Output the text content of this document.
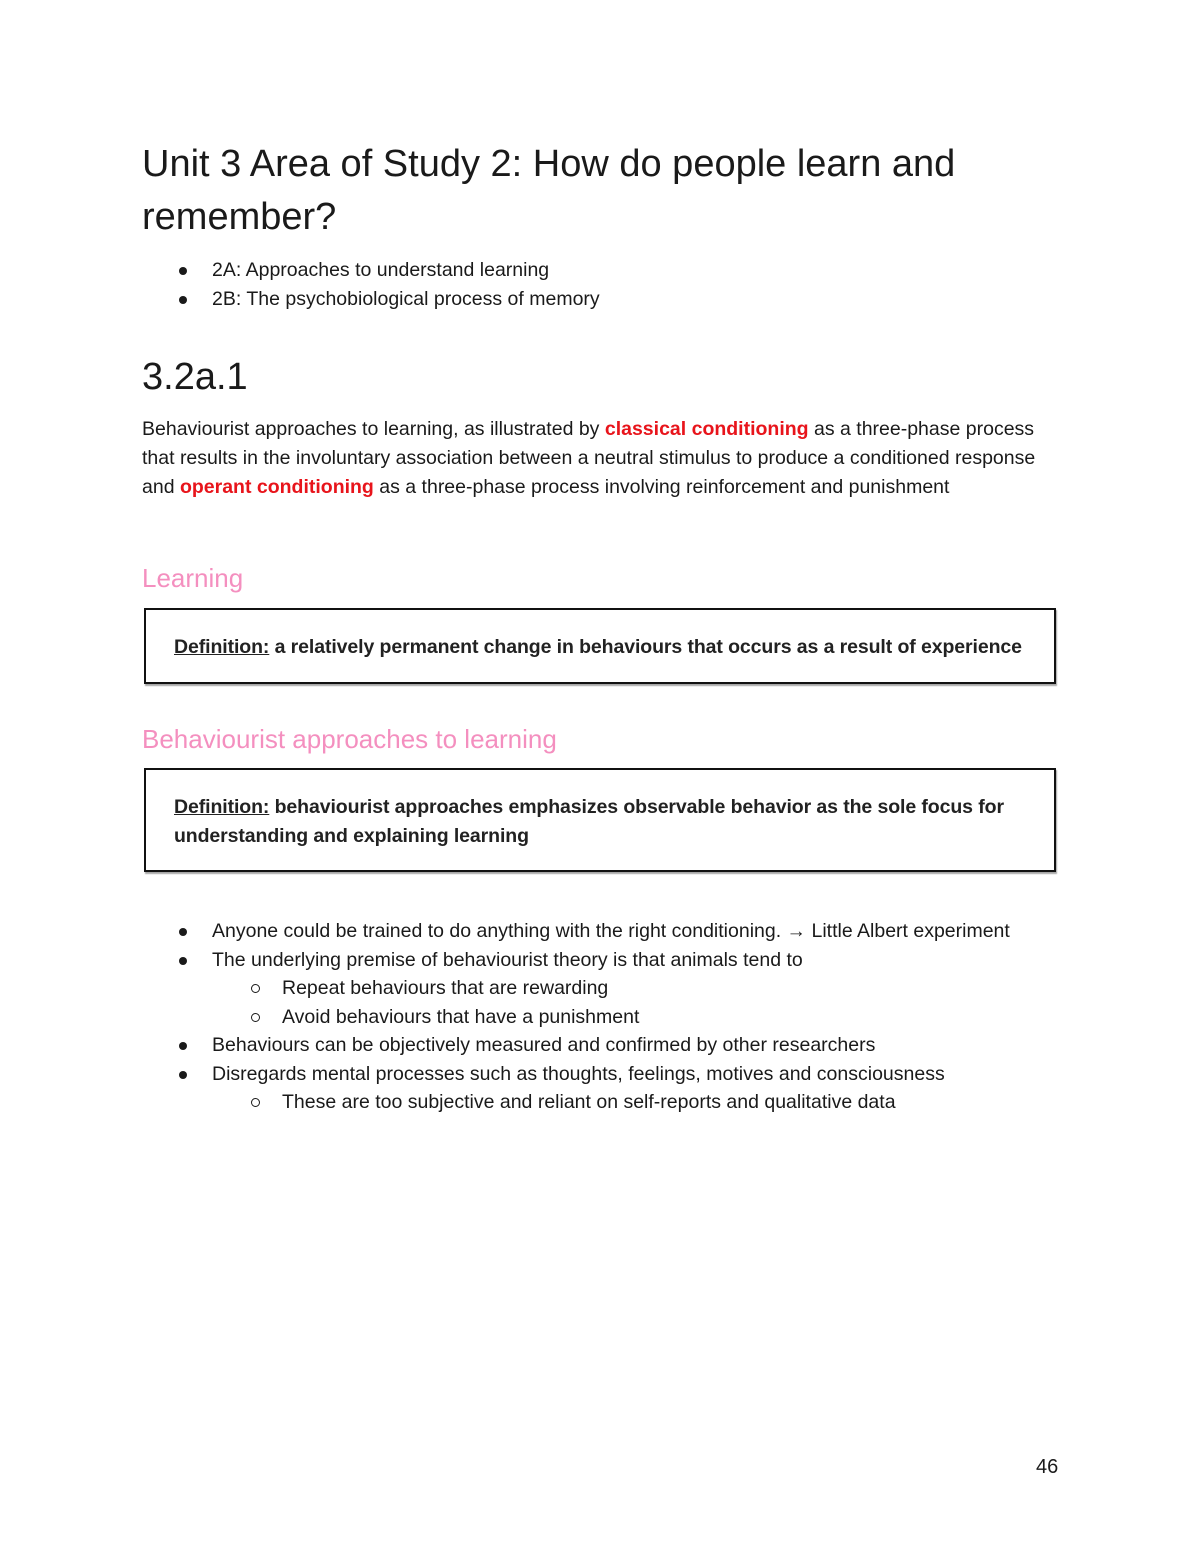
Unit 3 Area of Study 2: How do people learn and remember?
2A: Approaches to understand learning
2B: The psychobiological process of memory
3.2a.1

Behaviourist approaches to learning, as illustrated by classical conditioning as a three-phase process that results in the involuntary association between a neutral stimulus to produce a conditioned response and operant conditioning as a three-phase process involving reinforcement and punishment

Learning
Definition: a relatively permanent change in behaviours that occurs as a result of experience
Behaviourist approaches to learning
Definition: behaviourist approaches emphasizes observable behavior as the sole focus for understanding and explaining learning
Anyone could be trained to do anything with the right conditioning. → Little Albert experiment
The underlying premise of behaviourist theory is that animals tend to
Repeat behaviours that are rewarding
Avoid behaviours that have a punishment
Behaviours can be objectively measured and confirmed by other researchers
Disregards mental processes such as thoughts, feelings, motives and consciousness
These are too subjective and reliant on self-reports and qualitative data
46
